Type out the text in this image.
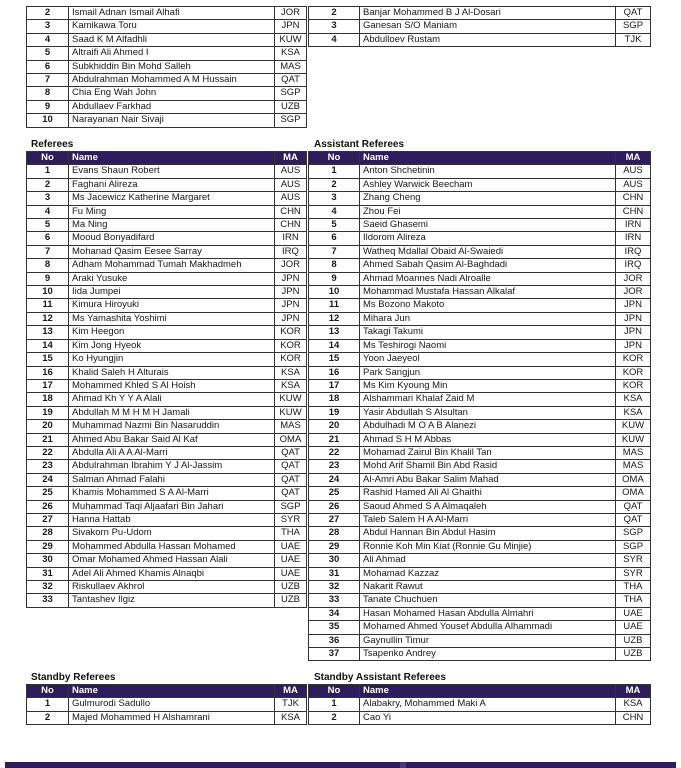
2	Ismail Adnan Ismail Alhafi	JOR
3	Kamikawa Toru	JPN
4	Saad K M Alfadhli	KUW
5	Altraifi Ali Ahmed I	KSA
6	Subkhiddin Bin Mohd Salleh	MAS
7	Abdulrahman Mohammed A M Hussain	QAT
8	Chia Eng Wah John	SGP
9	Abdullaev Farkhad	UZB
10	Narayanan Nair Sivaji	SGP
2	Banjar Mohammed B J Al-Dosari	QAT
3	Ganesan S/O Maniam	SGP
4	Abdulloev Rustam	TJK
Referees
No	Name	MA
1	Evans Shaun Robert	AUS
2	Faghani Alireza	AUS
3	Ms Jacewicz Katherine Margaret	AUS
4	Fu Ming	CHN
5	Ma Ning	CHN
6	Mooud Bonyadifard	IRN
7	Mohanad Qasim Eesee Sarray	IRQ
8	Adham Mohammad Tumah Makhadmeh	JOR
9	Araki Yusuke	JPN
10	Iida Jumpei	JPN
11	Kimura Hiroyuki	JPN
12	Ms Yamashita Yoshimi	JPN
13	Kim Heegon	KOR
14	Kim Jong Hyeok	KOR
15	Ko Hyungjin	KOR
16	Khalid Saleh H Alturais	KSA
17	Mohammed Khled S Al Hoish	KSA
18	Ahmad Kh Y Y A Alali	KUW
19	Abdullah M M H M H Jamali	KUW
20	Muhammad Nazmi Bin Nasaruddin	MAS
21	Ahmed Abu Bakar Said Al Kaf	OMA
22	Abdulla Ali A A Al-Marri	QAT
23	Abdulrahman Ibrahim Y J Al-Jassim	QAT
24	Salman Ahmad Falahi	QAT
25	Khamis Mohammed S A Al-Marri	QAT
26	Muhammad Taqi Aljaafari Bin Jahari	SGP
27	Hanna Hattab	SYR
28	Sivakorn Pu-Udom	THA
29	Mohammed Abdulla Hassan Mohamed	UAE
30	Omar Mohamed Ahmed Hassan Alali	UAE
31	Adel Ali Ahmed Khamis Alnaqbi	UAE
32	Riskullaev Akhrol	UZB
33	Tantashev Ilgiz	UZB
Assistant Referees
No	Name	MA
1	Anton Shchetinin	AUS
2	Ashley Warwick Beecham	AUS
3	Zhang Cheng	CHN
4	Zhou Fei	CHN
5	Saeid Ghasemi	IRN
6	Ildorom Alireza	IRN
7	Watheq Mdallal Obaid Al-Swaiedi	IRQ
8	Ahmed Sabah Qasim Al-Baghdadi	IRQ
9	Ahmad Moannes Nadi Alroalle	JOR
10	Mohammad Mustafa Hassan Alkalaf	JOR
11	Ms Bozono Makoto	JPN
12	Mihara Jun	JPN
13	Takagi Takumi	JPN
14	Ms Teshirogi Naomi	JPN
15	Yoon Jaeyeol	KOR
16	Park Sangjun	KOR
17	Ms Kim Kyoung Min	KOR
18	Alshammari Khalaf Zaid M	KSA
19	Yasir Abdullah S Alsultan	KSA
20	Abdulhadi M O A B Alanezi	KUW
21	Ahmad S H M Abbas	KUW
22	Mohamad Zairul Bin Khalil Tan	MAS
23	Mohd Arif Shamil Bin Abd Rasid	MAS
24	Al-Amri Abu Bakar Salim Mahad	OMA
25	Rashid Hamed Ali Al Ghaithi	OMA
26	Saoud Ahmed S A Almaqaleh	QAT
27	Taleb Salem H A Al-Marri	QAT
28	Abdul Hannan Bin Abdul Hasim	SGP
29	Ronnie Koh Min Kiat (Ronnie Gu Minjie)	SGP
30	Ali Ahmad	SYR
31	Mohamad Kazzaz	SYR
32	Nakarit Rawut	THA
33	Tanate Chuchuen	THA
34	Hasan Mohamed Hasan Abdulla Almahri	UAE
35	Mohamed Ahmed Yousef Abdulla Alhammadi	UAE
36	Gaynullin Timur	UZB
37	Tsapenko Andrey	UZB
Standby Referees
No	Name	MA
1	Gulmurodi Sadullo	TJK
2	Majed Mohammed H Alshamrani	KSA
Standby Assistant Referees
No	Name	MA
1	Alabakry, Mohammed Maki A	KSA
2	Cao Yi	CHN
